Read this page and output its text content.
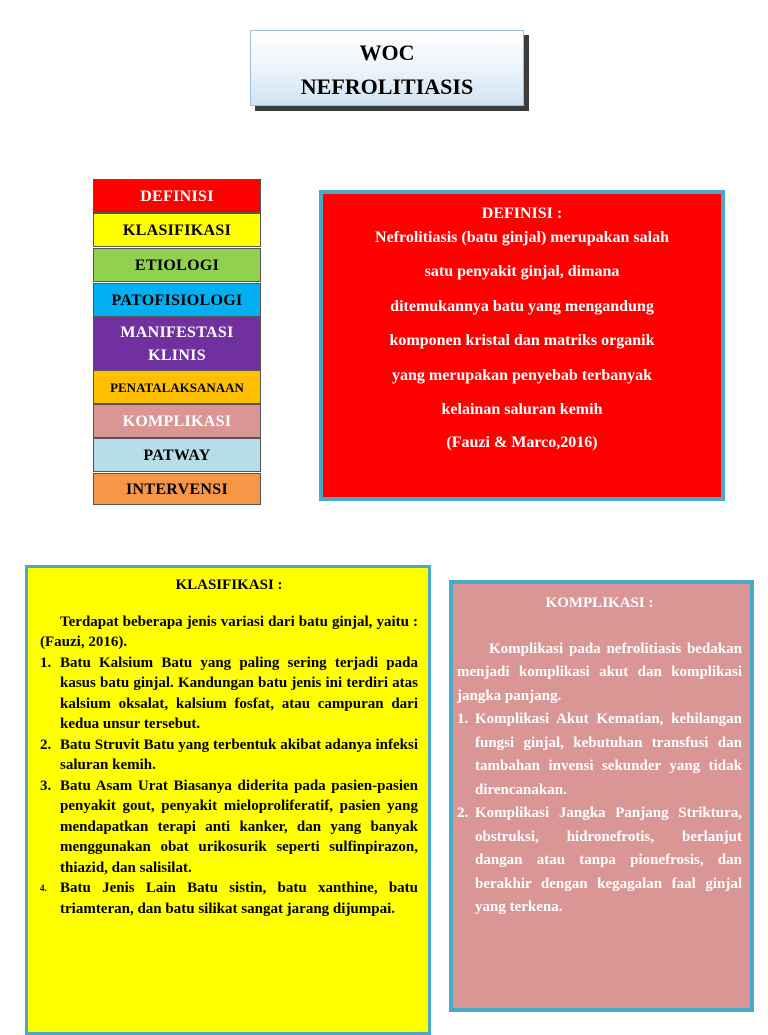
WOC
NEFROLITIASIS
DEFINISI
KLASIFIKASI
ETIOLOGI
PATOFISIOLOGI
MANIFESTASI KLINIS
PENATALAKSANAAN
KOMPLIKASI
PATWAY
INTERVENSI
DEFINISI :
Nefrolitiasis (batu ginjal) merupakan salah
satu penyakit ginjal, dimana
ditemukannya batu yang mengandung
komponen kristal dan matriks organik
yang merupakan penyebab terbanyak
kelainan saluran kemih
(Fauzi & Marco,2016)
KLASIFIKASI :
Terdapat beberapa jenis variasi dari batu ginjal, yaitu : (Fauzi, 2016).
1. Batu Kalsium Batu yang paling sering terjadi pada kasus batu ginjal. Kandungan batu jenis ini terdiri atas kalsium oksalat, kalsium fosfat, atau campuran dari kedua unsur tersebut.
2. Batu Struvit Batu yang terbentuk akibat adanya infeksi saluran kemih.
3. Batu Asam Urat Biasanya diderita pada pasien-pasien penyakit gout, penyakit mieloproliferatif, pasien yang mendapatkan terapi anti kanker, dan yang banyak menggunakan obat urikosurik seperti sulfinpirazon, thiazid, dan salisilat.
4. Batu Jenis Lain Batu sistin, batu xanthine, batu triamteran, dan batu silikat sangat jarang dijumpai.
KOMPLIKASI :
Komplikasi pada nefrolitiasis bedakan menjadi komplikasi akut dan komplikasi jangka panjang.
1. Komplikasi Akut Kematian, kehilangan fungsi ginjal, kebutuhan transfusi dan tambahan invensi sekunder yang tidak direncanakan.
2. Komplikasi Jangka Panjang Striktura, obstruksi, hidronefrotis, berlanjut dangan atau tanpa pionefrosis, dan berakhir dengan kegagalan faal ginjal yang terkena.
